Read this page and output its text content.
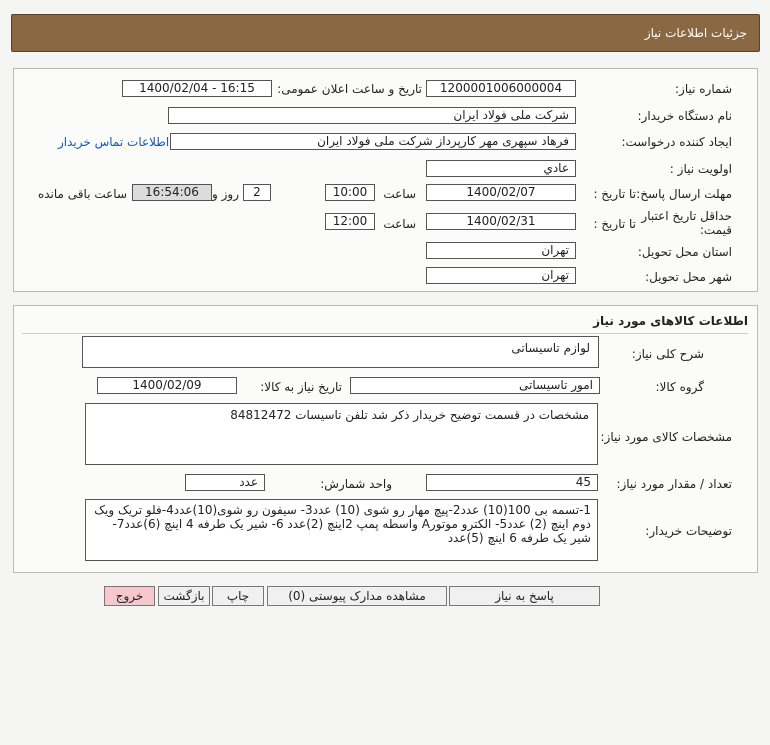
جزئیات اطلاعات نیاز
شماره نیاز:
1200001006000004
تاریخ و ساعت اعلان عمومی:
1400/02/04 - 16:15
نام دستگاه خریدار:
شرکت ملی فولاد ایران
ایجاد کننده درخواست:
فرهاد سپهری مهر کارپرداز شرکت ملی فولاد ایران
اطلاعات تماس خریدار
اولویت نیاز :
عادي
مهلت ارسال پاسخ:
تا تاریخ :
1400/02/07
ساعت
10:00
2
روز و
16:54:06
ساعت باقی مانده
حداقل تاریخ اعتبار قیمت:
تا تاریخ :
1400/02/31
ساعت
12:00
استان محل تحویل:
تهران
شهر محل تحویل:
تهران
اطلاعات کالاهای مورد نیاز
شرح کلی نیاز:
لوازم تاسیساتی
گروه کالا:
امور تاسیساتی
تاریخ نیاز به کالا:
1400/02/09
مشخصات کالای مورد نیاز:
مشخصات در قسمت توضیح خریدار ذکر شد تلفن تاسیسات 84812472
تعداد / مقدار مورد نیاز:
45
واحد شمارش:
عدد
توضیحات خریدار:
1-تسمه بی 100(10) عدد2-پیچ مهار رو شوی (10) عدد3- سیفون رو شوی(10)عدد4-فلو تریک ویک دوم اینچ (2) عدد5- الکترو موتورA واسطه پمپ 2اینچ (2)عدد 6- شیر یک طرفه 4 اینچ (6)عدد7- شیر یک طرفه 6 اینچ (5)عدد
پاسخ به نیاز
مشاهده مدارک پیوستی (0)
چاپ
بازگشت
خروج
